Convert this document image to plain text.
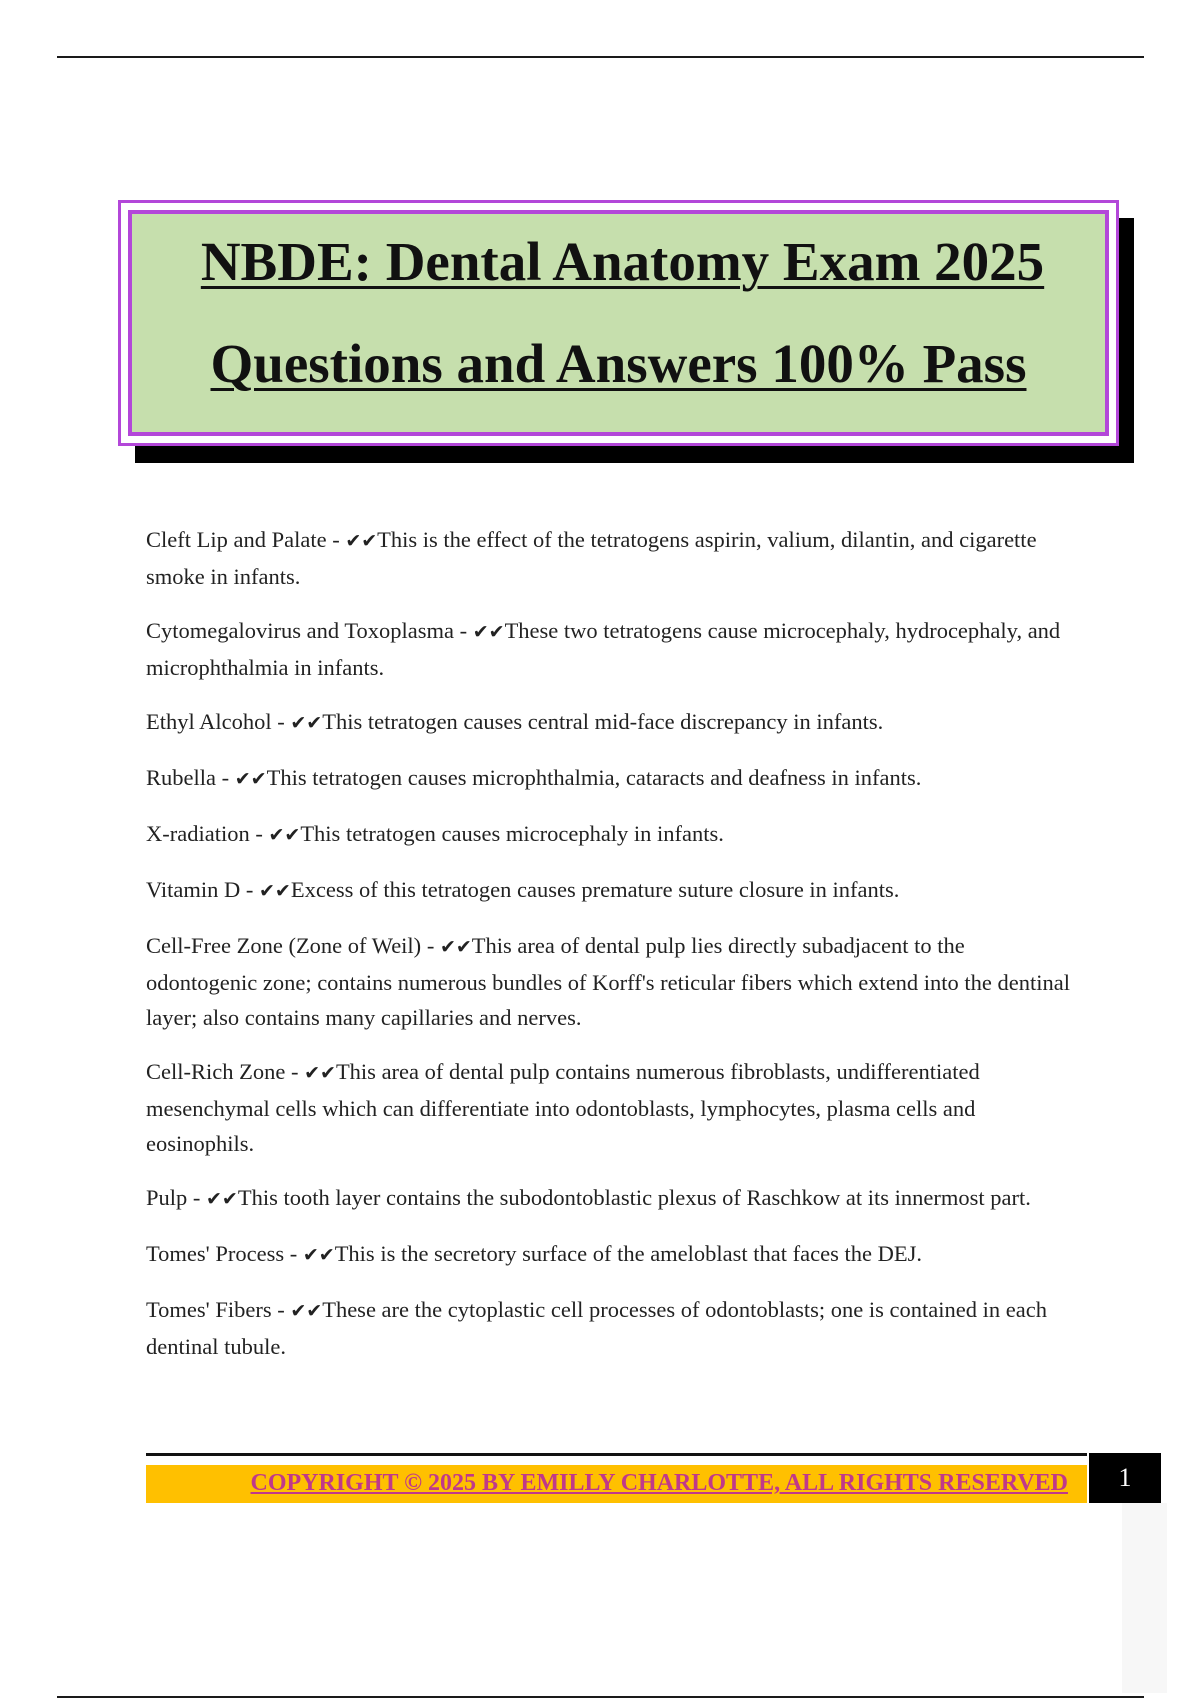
NBDE: Dental Anatomy Exam 2025
Questions and Answers 100% Pass

Cleft Lip and Palate - ✔✔This is the effect of the tetratogens aspirin, valium, dilantin, and cigarette smoke in infants.

Cytomegalovirus and Toxoplasma - ✔✔These two tetratogens cause microcephaly, hydrocephaly, and microphthalmia in infants.

Ethyl Alcohol - ✔✔This tetratogen causes central mid-face discrepancy in infants.

Rubella - ✔✔This tetratogen causes microphthalmia, cataracts and deafness in infants.

X-radiation - ✔✔This tetratogen causes microcephaly in infants.

Vitamin D - ✔✔Excess of this tetratogen causes premature suture closure in infants.

Cell-Free Zone (Zone of Weil) - ✔✔This area of dental pulp lies directly subadjacent to the odontogenic zone; contains numerous bundles of Korff's reticular fibers which extend into the dentinal layer; also contains many capillaries and nerves.

Cell-Rich Zone - ✔✔This area of dental pulp contains numerous fibroblasts, undifferentiated mesenchymal cells which can differentiate into odontoblasts, lymphocytes, plasma cells and eosinophils.

Pulp - ✔✔This tooth layer contains the subodontoblastic plexus of Raschkow at its innermost part.

Tomes' Process - ✔✔This is the secretory surface of the ameloblast that faces the DEJ.

Tomes' Fibers - ✔✔These are the cytoplastic cell processes of odontoblasts; one is contained in each dentinal tubule.

COPYRIGHT © 2025 BY EMILLY CHARLOTTE, ALL RIGHTS RESERVED	1
